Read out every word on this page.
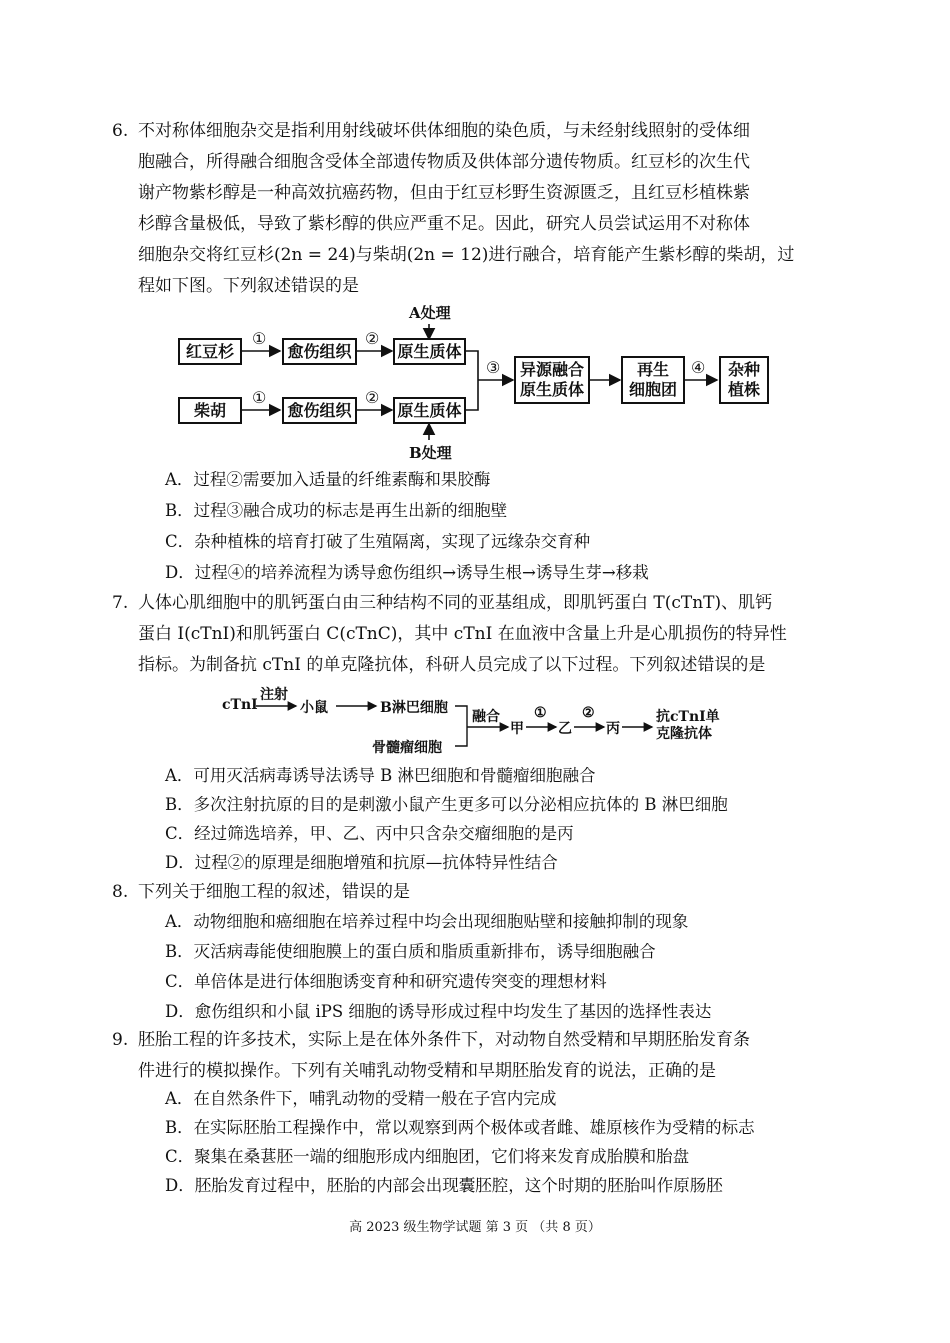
6. 不对称体细胞杂交是指利用射线破坏供体细胞的染色质，与未经射线照射的受体细
胞融合，所得融合细胞含受体全部遗传物质及供体部分遗传物质。红豆杉的次生代
谢产物紫杉醇是一种高效抗癌药物，但由于红豆杉野生资源匮乏，且红豆杉植株紫
杉醇含量极低，导致了紫杉醇的供应严重不足。因此，研究人员尝试运用不对称体
细胞杂交将红豆杉(2n = 24)与柴胡(2n = 12)进行融合，培育能产生紫杉醇的柴胡，过
程如下图。下列叙述错误的是
A处理
B处理
红豆杉	愈伤组织	原生质体
柴胡	愈伤组织	原生质体
异源融合
原生质体
再生
细胞团
杂种
植株
①	②
①	②
③	④
A．过程②需要加入适量的纤维素酶和果胶酶
B．过程③融合成功的标志是再生出新的细胞壁
C．杂种植株的培育打破了生殖隔离，实现了远缘杂交育种
D．过程④的培养流程为诱导愈伤组织→诱导生根→诱导生芽→移栽
7. 人体心肌细胞中的肌钙蛋白由三种结构不同的亚基组成，即肌钙蛋白 T(cTnT)、肌钙
蛋白 I(cTnI)和肌钙蛋白 C(cTnC)，其中 cTnI 在血液中含量上升是心肌损伤的特异性
指标。为制备抗 cTnI 的单克隆抗体，科研人员完成了以下过程。下列叙述错误的是
cTnI
注射
小鼠	B淋巴细胞
骨髓瘤细胞
融合
甲
①
乙
②
丙
抗cTnI单
克隆抗体
A．可用灭活病毒诱导法诱导 B 淋巴细胞和骨髓瘤细胞融合
B．多次注射抗原的目的是刺激小鼠产生更多可以分泌相应抗体的 B 淋巴细胞
C．经过筛选培养，甲、乙、丙中只含杂交瘤细胞的是丙
D．过程②的原理是细胞增殖和抗原—抗体特异性结合
8. 下列关于细胞工程的叙述，错误的是
A．动物细胞和癌细胞在培养过程中均会出现细胞贴壁和接触抑制的现象
B．灭活病毒能使细胞膜上的蛋白质和脂质重新排布，诱导细胞融合
C．单倍体是进行体细胞诱变育种和研究遗传突变的理想材料
D．愈伤组织和小鼠 iPS 细胞的诱导形成过程中均发生了基因的选择性表达
9. 胚胎工程的许多技术，实际上是在体外条件下，对动物自然受精和早期胚胎发育条
件进行的模拟操作。下列有关哺乳动物受精和早期胚胎发育的说法，正确的是
A．在自然条件下，哺乳动物的受精一般在子宫内完成
B．在实际胚胎工程操作中，常以观察到两个极体或者雌、雄原核作为受精的标志
C．聚集在桑葚胚一端的细胞形成内细胞团，它们将来发育成胎膜和胎盘
D．胚胎发育过程中，胚胎的内部会出现囊胚腔，这个时期的胚胎叫作原肠胚
高 2023 级生物学试题 第 3 页 （共 8 页）
